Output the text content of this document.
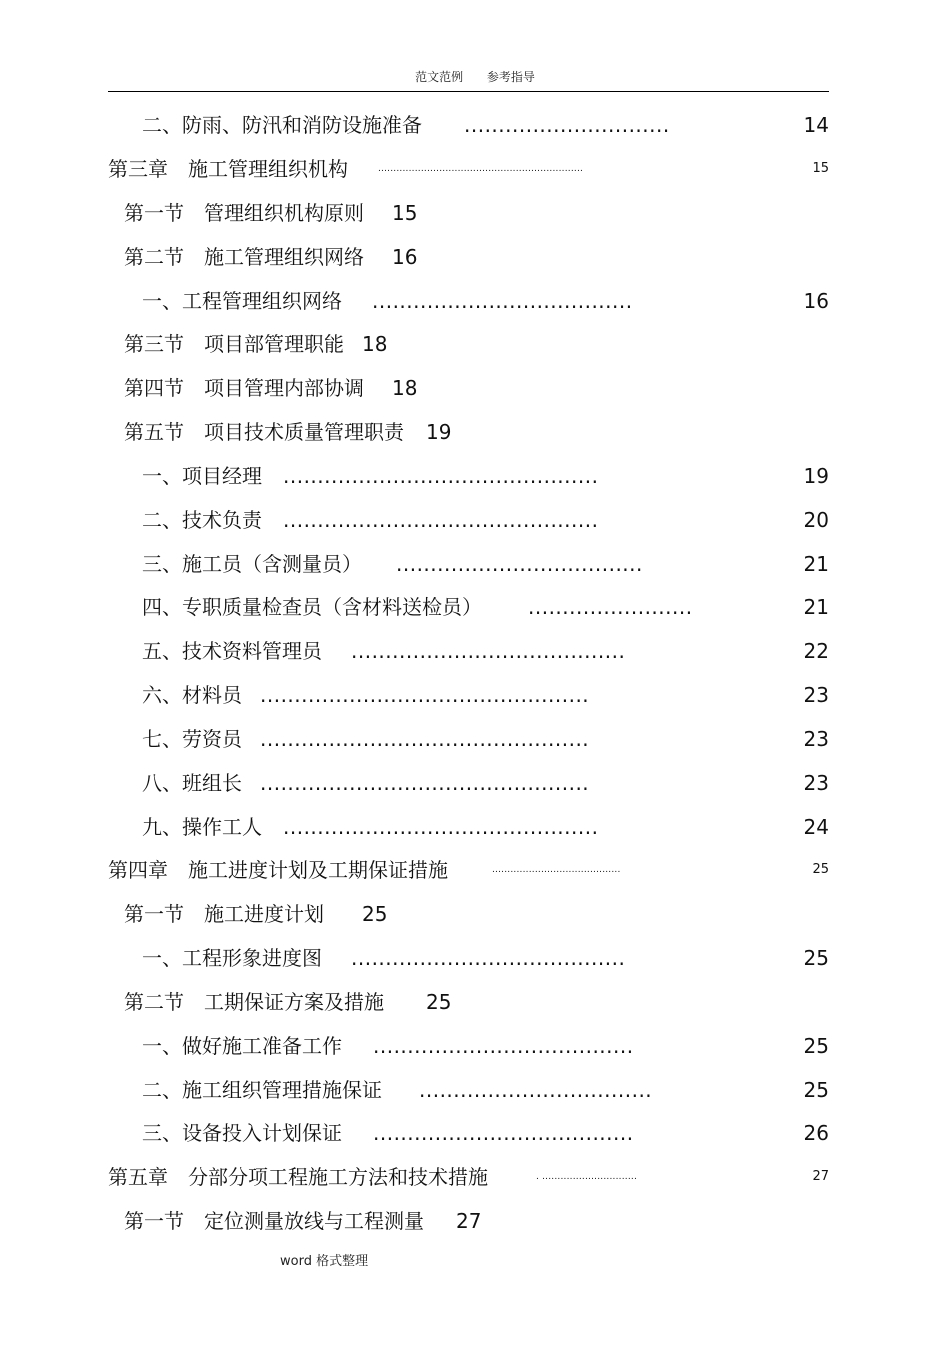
范文范例 参考指导
二、防雨、防汛和消防设施准备 ..............................	14
第三章　施工管理组织机构	...................................................................	15
第一节　管理组织机构原则 15
第二节　施工管理组织网络 16
一、工程管理组织网络 ......................................	16
第三节　项目部管理职能 18
第四节　项目管理内部协调 18
第五节　项目技术质量管理职责 19
一、项目经理 ..............................................	19
二、技术负责 ..............................................	20
三、施工员（含测量员） ....................................	21
四、专职质量检查员（含材料送检员） ........................	21
五、技术资料管理员 ........................................	22
六、材料员 ................................................	23
七、劳资员 ................................................	23
八、班组长 ................................................	23
九、操作工人 ..............................................	24
第四章　施工进度计划及工期保证措施	..........................................	25
第一节　施工进度计划 25
一、工程形象进度图 ........................................	25
第二节　工期保证方案及措施 25
一、做好施工准备工作 ......................................	25
二、施工组织管理措施保证 ..................................	25
三、设备投入计划保证 ......................................	26
第五章　分部分项工程施工方法和技术措施	. ...............................	27
第一节　定位测量放线与工程测量 27
word 格式整理
